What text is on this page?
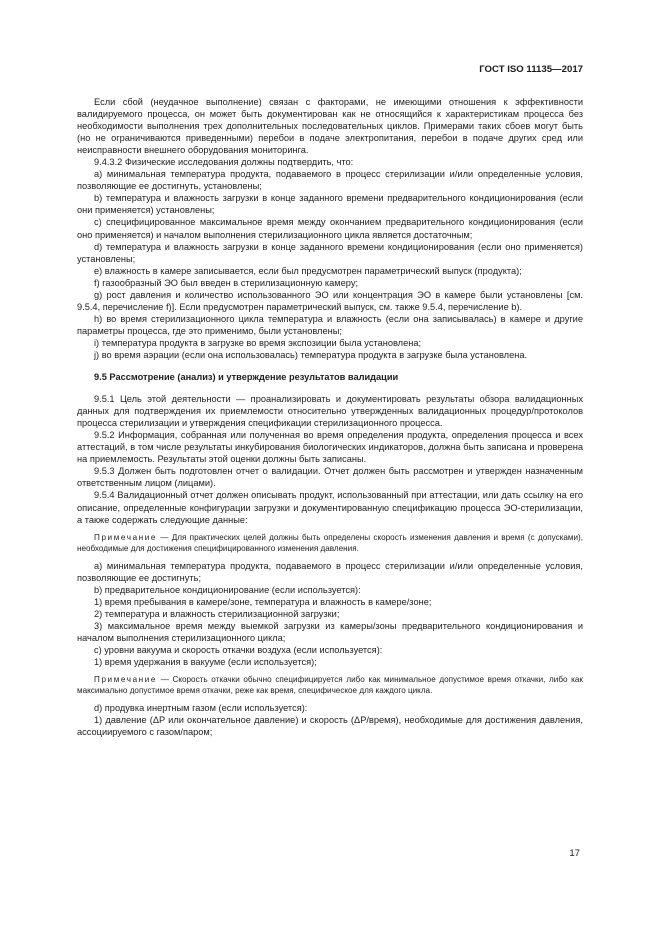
ГОСТ ISO 11135—2017

Если сбой (неудачное выполнение) связан с факторами, не имеющими отношения к эффективности валидируемого процесса, он может быть документирован как не относящийся к характеристикам процесса без необходимости выполнения трех дополнительных последовательных циклов. Примерами таких сбоев могут быть (но не ограничиваются приведенными) перебои в подаче электропитания, перебои в подаче других сред или неисправности внешнего оборудования мониторинга.

9.4.3.2 Физические исследования должны подтвердить, что:

a) минимальная температура продукта, подаваемого в процесс стерилизации и/или определенные условия, позволяющие ее достигнуть, установлены;

b) температура и влажность загрузки в конце заданного времени предварительного кондиционирования (если они применяется) установлены;

c) специфицированное максимальное время между окончанием предварительного кондиционирования (если оно применяется) и началом выполнения стерилизационного цикла является достаточным;

d) температура и влажность загрузки в конце заданного времени кондиционирования (если оно применяется) установлены;

e) влажность в камере записывается, если был предусмотрен параметрический выпуск (продукта);

f) газообразный ЭО был введен в стерилизационную камеру;

g) рост давления и количество использованного ЭО или концентрация ЭО в камере были установлены [см. 9.5.4, перечисление f)]. Если предусмотрен параметрический выпуск, см. также 9.5.4, перечисление b).

h) во время стерилизационного цикла температура и влажность (если она записывалась) в камере и другие параметры процесса, где это применимо, были установлены;

i) температура продукта в загрузке во время экспозиции была установлена;

j) во время аэрации (если она использовалась) температура продукта в загрузке была установлена.

9.5 Рассмотрение (анализ) и утверждение результатов валидации

9.5.1 Цель этой деятельности — проанализировать и документировать результаты обзора валидационных данных для подтверждения их приемлемости относительно утвержденных валидационных процедур/протоколов процесса стерилизации и утверждения спецификации стерилизационного процесса.

9.5.2 Информация, собранная или полученная во время определения продукта, определения процесса и всех аттестаций, в том числе результаты инкубирования биологических индикаторов, должна быть записана и проверена на приемлемость. Результаты этой оценки должны быть записаны.

9.5.3 Должен быть подготовлен отчет о валидации. Отчет должен быть рассмотрен и утвержден назначенным ответственным лицом (лицами).

9.5.4 Валидационный отчет должен описывать продукт, использованный при аттестации, или дать ссылку на его описание, определенные конфигурации загрузки и документированную спецификацию процесса ЭО-стерилизации, а также содержать следующие данные:

Примечание — Для практических целей должны быть определены скорость изменения давления и время (с допусками), необходимые для достижения специфицированного изменения давления.

a) минимальная температура продукта, подаваемого в процесс стерилизации и/или определенные условия, позволяющие ее достигнуть;

b) предварительное кондиционирование (если используется):

1) время пребывания в камере/зоне, температура и влажность в камере/зоне;

2) температура и влажность стерилизационной загрузки;

3) максимальное время между выемкой загрузки из камеры/зоны предварительного кондиционирования и началом выполнения стерилизационного цикла;

c) уровни вакуума и скорость откачки воздуха (если используется):

1) время удержания в вакууме (если используется);

Примечание — Скорость откачки обычно специфицируется либо как минимальное допустимое время откачки, либо как максимально допустимое время откачки, реже как время, специфическое для каждого цикла.

d) продувка инертным газом (если используется):

1) давление (ΔP или окончательное давление) и скорость (ΔP/время), необходимые для достижения давления, ассоциируемого с газом/паром;

17
